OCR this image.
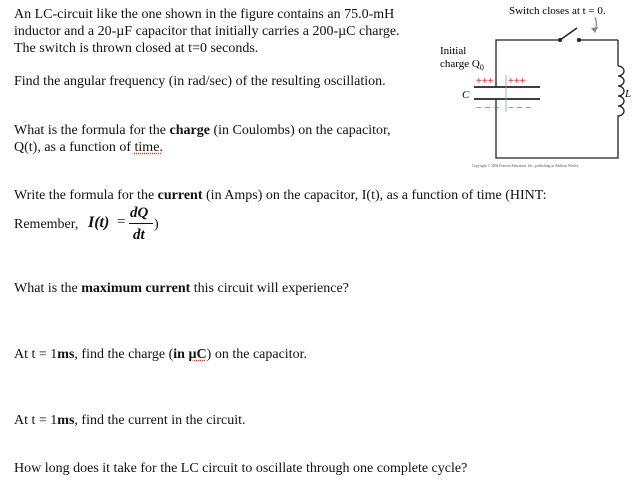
An LC-circuit like the one shown in the figure contains an 75.0-mH
inductor and a 20-µF capacitor that initially carries a 200-µC charge.
The switch is thrown closed at t=0 seconds.
Find the angular frequency (in rad/sec) of the resulting oscillation.
What is the formula for the charge (in Coulombs) on the capacitor,
Q(t), as a function of time.
Write the formula for the current (in Amps) on the capacitor, I(t), as a function of time (HINT:
Remember, I(t) =
dQ
dt
)
What is the maximum current this circuit will experience?
At t = 1ms, find the charge (in µC) on the capacitor.
At t = 1ms, find the current in the circuit.
How long does it take for the LC circuit to oscillate through one complete cycle?
Switch closes at t = 0.
Initial
charge $Q_0$
+++ +++
− − − − − −
C	L
Copyright © 2004 Pearson Education, Inc., publishing as Addison Wesley.
